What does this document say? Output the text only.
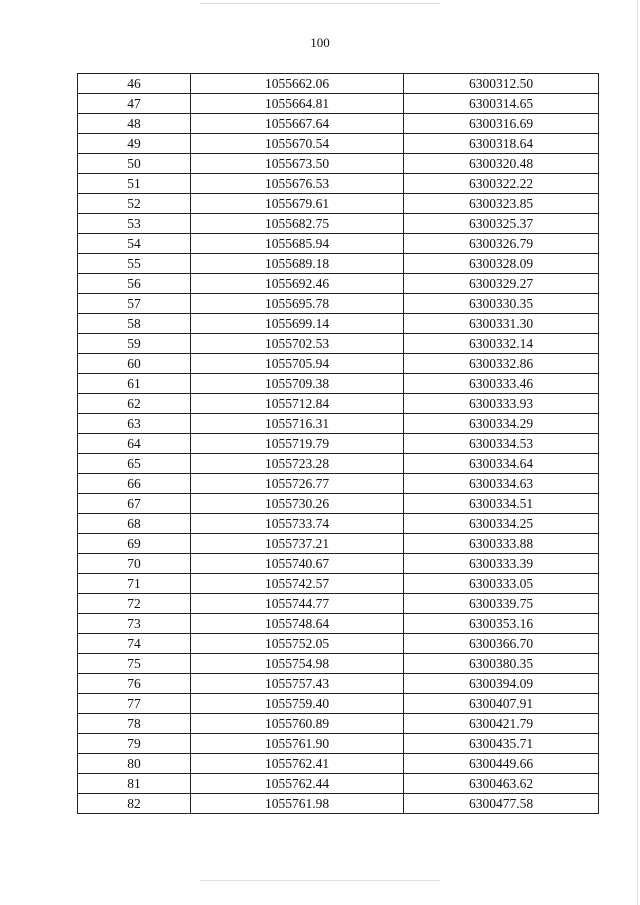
100
46	1055662.06	6300312.50
47	1055664.81	6300314.65
48	1055667.64	6300316.69
49	1055670.54	6300318.64
50	1055673.50	6300320.48
51	1055676.53	6300322.22
52	1055679.61	6300323.85
53	1055682.75	6300325.37
54	1055685.94	6300326.79
55	1055689.18	6300328.09
56	1055692.46	6300329.27
57	1055695.78	6300330.35
58	1055699.14	6300331.30
59	1055702.53	6300332.14
60	1055705.94	6300332.86
61	1055709.38	6300333.46
62	1055712.84	6300333.93
63	1055716.31	6300334.29
64	1055719.79	6300334.53
65	1055723.28	6300334.64
66	1055726.77	6300334.63
67	1055730.26	6300334.51
68	1055733.74	6300334.25
69	1055737.21	6300333.88
70	1055740.67	6300333.39
71	1055742.57	6300333.05
72	1055744.77	6300339.75
73	1055748.64	6300353.16
74	1055752.05	6300366.70
75	1055754.98	6300380.35
76	1055757.43	6300394.09
77	1055759.40	6300407.91
78	1055760.89	6300421.79
79	1055761.90	6300435.71
80	1055762.41	6300449.66
81	1055762.44	6300463.62
82	1055761.98	6300477.58
